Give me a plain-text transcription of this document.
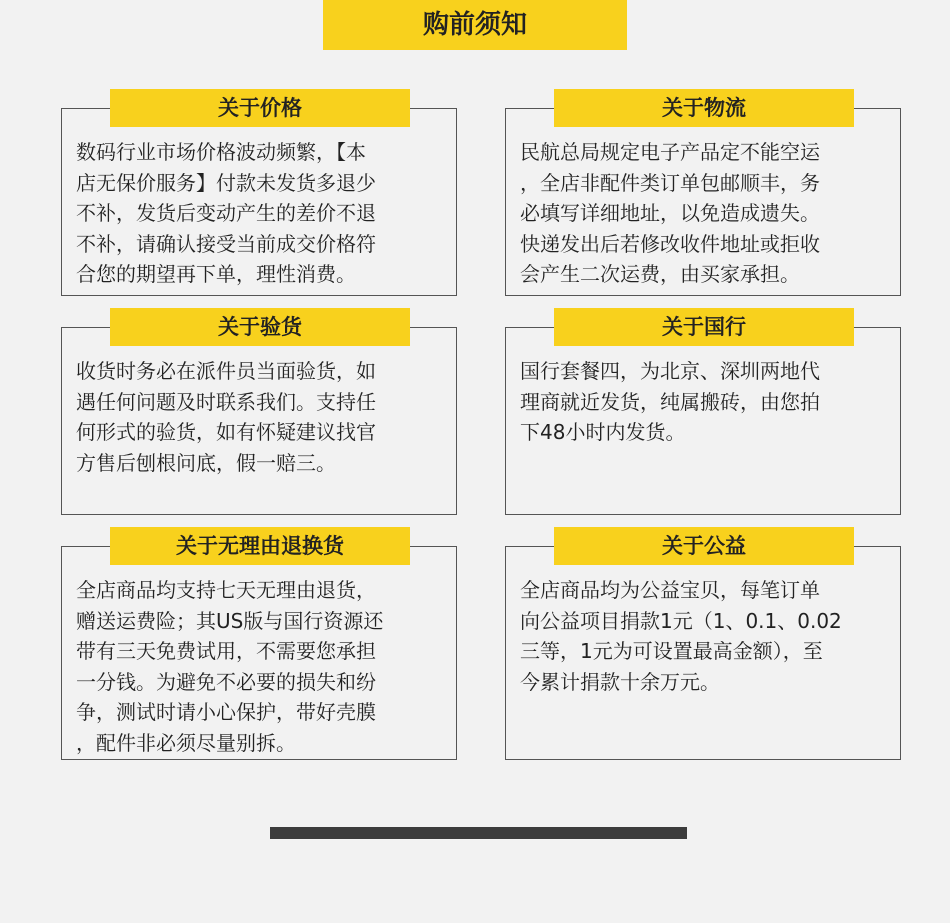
购前须知
关于价格
数码行业市场价格波动频繁，【本
店无保价服务】付款未发货多退少
不补，发货后变动产生的差价不退
不补，请确认接受当前成交价格符
合您的期望再下单，理性消费。
关于物流
民航总局规定电子产品定不能空运
，全店非配件类订单包邮顺丰，务
必填写详细地址，以免造成遗失。
快递发出后若修改收件地址或拒收
会产生二次运费，由买家承担。
关于验货
收货时务必在派件员当面验货，如
遇任何问题及时联系我们。支持任
何形式的验货，如有怀疑建议找官
方售后刨根问底，假一赔三。
关于国行
国行套餐四，为北京、深圳两地代
理商就近发货，纯属搬砖，由您拍
下48小时内发货。
关于无理由退换货
全店商品均支持七天无理由退货，
赠送运费险；其US版与国行资源还
带有三天免费试用，不需要您承担
一分钱。为避免不必要的损失和纷
争，测试时请小心保护，带好壳膜
，配件非必须尽量别拆。
关于公益
全店商品均为公益宝贝，每笔订单
向公益项目捐款1元（1、0.1、0.02
三等，1元为可设置最高金额），至
今累计捐款十余万元。
